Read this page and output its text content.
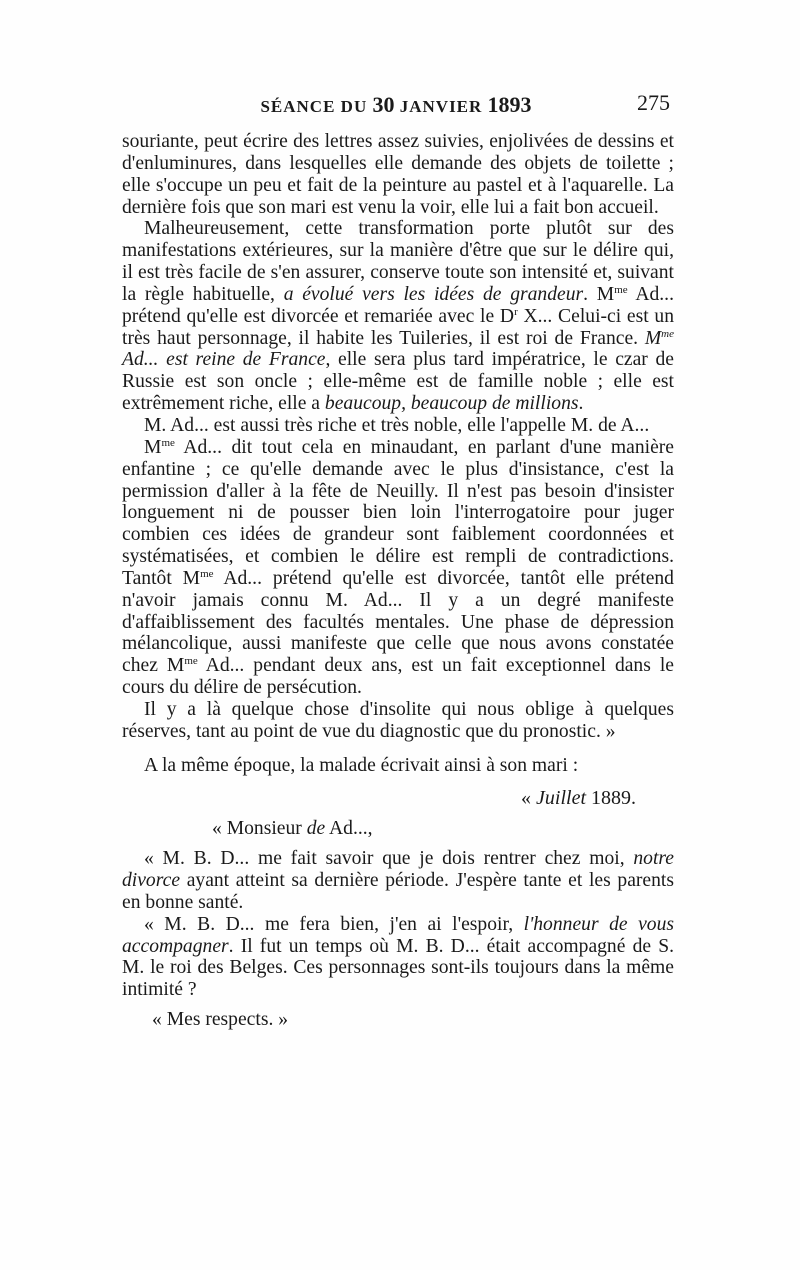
SÉANCE DU 30 JANVIER 1893	275

souriante, peut écrire des lettres assez suivies, enjolivées de dessins et d'enluminures, dans lesquelles elle demande des objets de toilette ; elle s'occupe un peu et fait de la peinture au pastel et à l'aquarelle. La dernière fois que son mari est venu la voir, elle lui a fait bon accueil.

Malheureusement, cette transformation porte plutôt sur des manifestations extérieures, sur la manière d'être que sur le délire qui, il est très facile de s'en assurer, conserve toute son intensité et, suivant la règle habituelle, a évolué vers les idées de grandeur. $M^{me}$ Ad... prétend qu'elle est divorcée et remariée avec le $D^r$ X... Celui-ci est un très haut personnage, il habite les Tuileries, il est roi de France. $M^{me}$ Ad... est reine de France, elle sera plus tard impératrice, le czar de Russie est son oncle ; elle-même est de famille noble ; elle est extrêmement riche, elle a beaucoup, beaucoup de millions.

M. Ad... est aussi très riche et très noble, elle l'appelle M. de A...

$M^{me}$ Ad... dit tout cela en minaudant, en parlant d'une manière enfantine ; ce qu'elle demande avec le plus d'insistance, c'est la permission d'aller à la fête de Neuilly. Il n'est pas besoin d'insister longuement ni de pousser bien loin l'interrogatoire pour juger combien ces idées de grandeur sont faiblement coordonnées et systématisées, et combien le délire est rempli de contradictions. Tantôt $M^{me}$ Ad... prétend qu'elle est divorcée, tantôt elle prétend n'avoir jamais connu M. Ad... Il y a un degré manifeste d'affaiblissement des facultés mentales. Une phase de dépression mélancolique, aussi manifeste que celle que nous avons constatée chez $M^{me}$ Ad... pendant deux ans, est un fait exceptionnel dans le cours du délire de persécution.

Il y a là quelque chose d'insolite qui nous oblige à quelques réserves, tant au point de vue du diagnostic que du pronostic. »

A la même époque, la malade écrivait ainsi à son mari :

« Juillet 1889.

« Monsieur de Ad...,

« M. B. D... me fait savoir que je dois rentrer chez moi, notre divorce ayant atteint sa dernière période. J'espère tante et les parents en bonne santé.

« M. B. D... me fera bien, j'en ai l'espoir, l'honneur de vous accompagner. Il fut un temps où M. B. D... était accompagné de S. M. le roi des Belges. Ces personnages sont-ils toujours dans la même intimité ?

« Mes respects. »
